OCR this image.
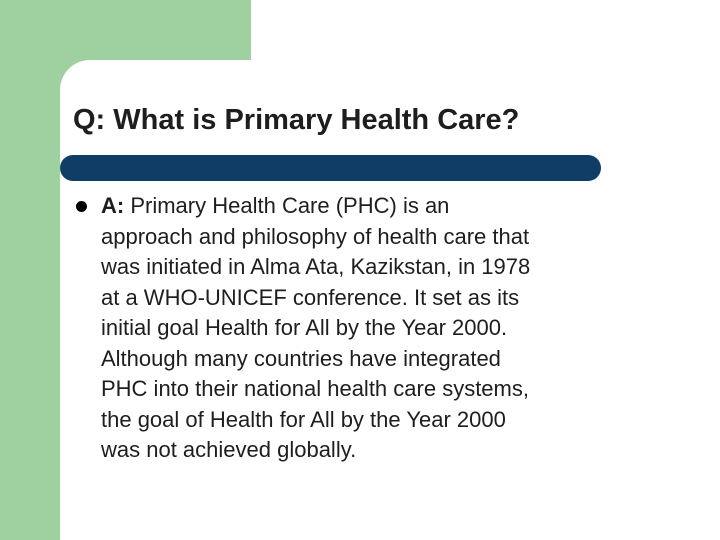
Q: What is Primary Health Care?

A: Primary Health Care (PHC) is an
approach and philosophy of health care that
was initiated in Alma Ata, Kazikstan, in 1978
at a WHO-UNICEF conference. It set as its
initial goal Health for All by the Year 2000.
Although many countries have integrated
PHC into their national health care systems,
the goal of Health for All by the Year 2000
was not achieved globally.
